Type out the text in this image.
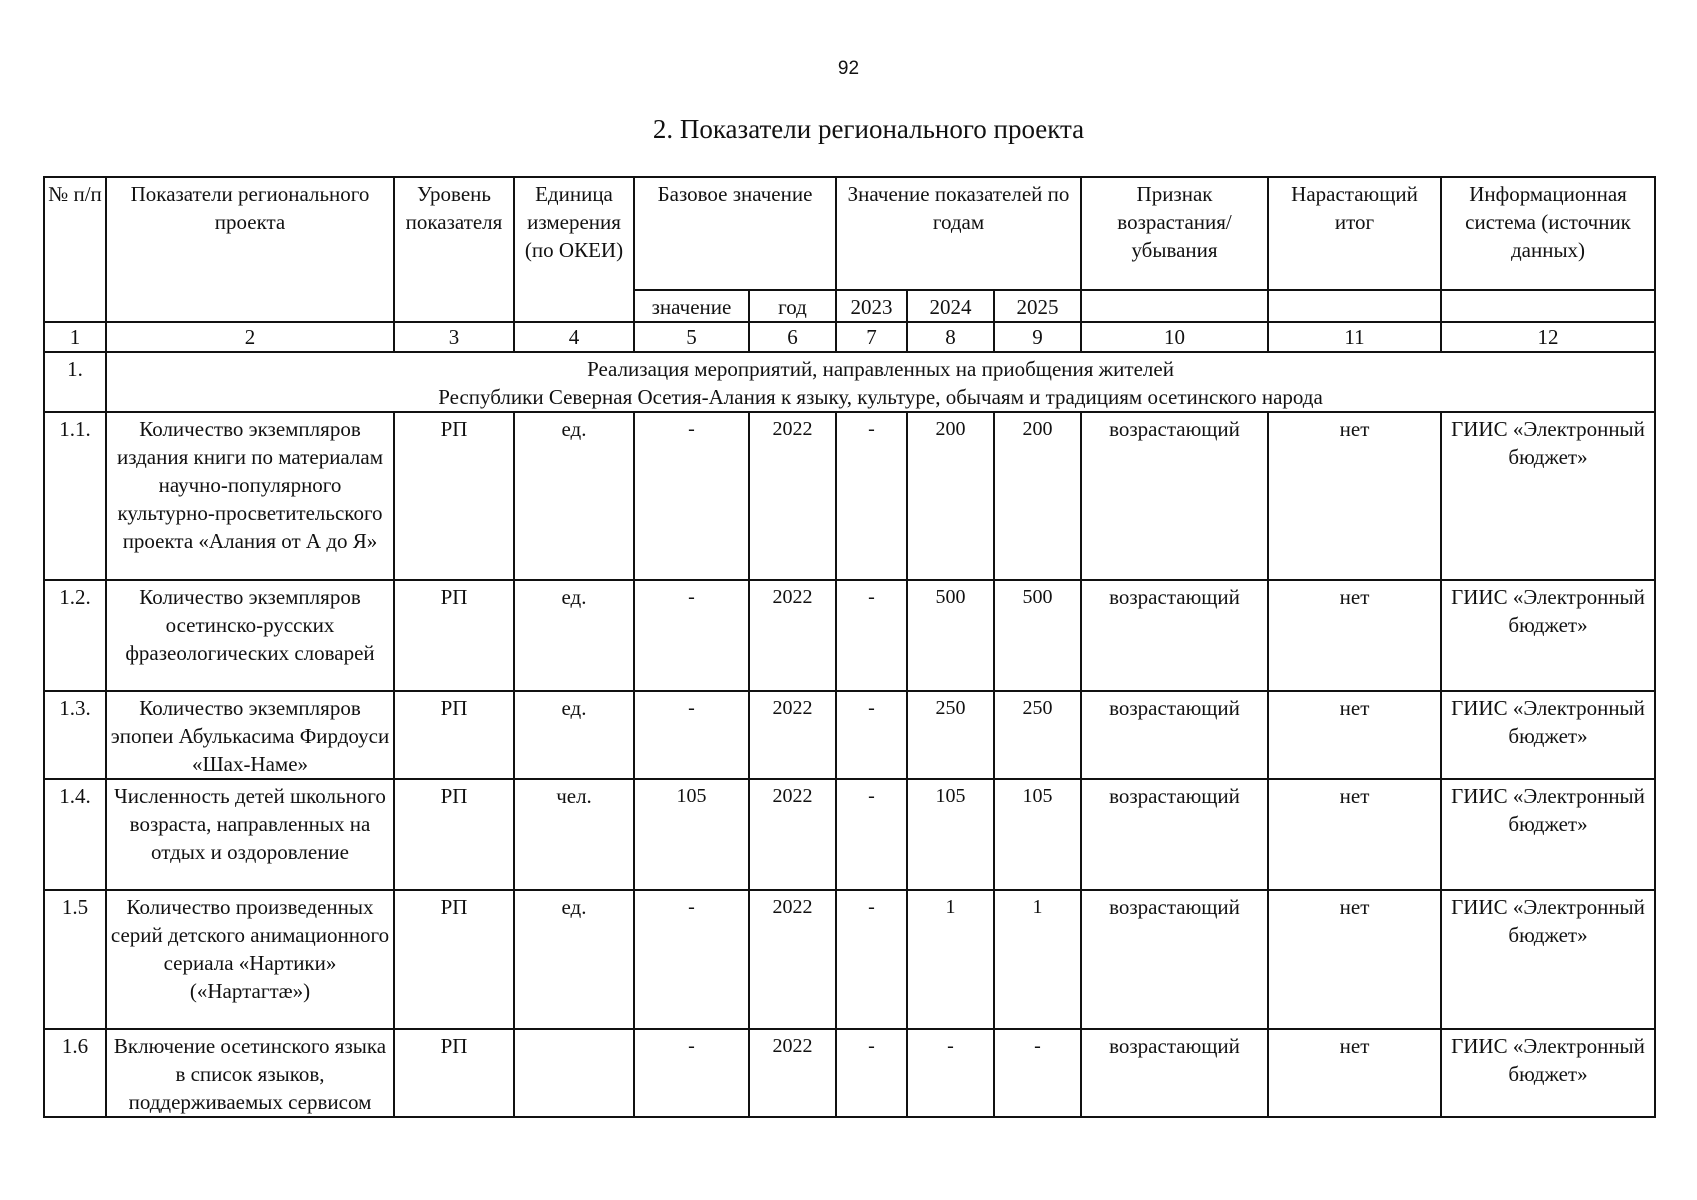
92
2. Показатели регионального проекта
№ п/п	Показатели регионального проекта	Уровень показателя	Единица измерения (по ОКЕИ)	Базовое значение		Значение показателей по годам			Признак возрастания/ убывания	Нарастающий итог	Информационная система (источник данных)
				значение	год	2023	2024	2025			
1	2	3	4	5	6	7	8	9	10	11	12
1.	Реализация мероприятий, направленных на приобщения жителей
Республики Северная Осетия-Алания к языку, культуре, обычаям и традициям осетинского народа										

1.1.	Количество экземпляров издания книги по материалам научно-популярного культурно-просветительского проекта «Алания от А до Я»	РП	ед.	-	2022	-	200	200	возрастающий	нет	ГИИС «Электронный бюджет»
1.2.	Количество экземпляров осетинско-русских фразеологических словарей	РП	ед.	-	2022	-	500	500	возрастающий	нет	ГИИС «Электронный бюджет»
1.3.	Количество экземпляров эпопеи Абулькасима Фирдоуси «Шах-Наме»	РП	ед.	-	2022	-	250	250	возрастающий	нет	ГИИС «Электронный бюджет»
1.4.	Численность детей школьного возраста, направленных на отдых и оздоровление	РП	чел.	105	2022	-	105	105	возрастающий	нет	ГИИС «Электронный бюджет»
1.5	Количество произведенных серий детского анимационного сериала «Нартики» («Нартагтæ»)	РП	ед.	-	2022	-	1	1	возрастающий	нет	ГИИС «Электронный бюджет»
1.6	Включение осетинского языка в список языков, поддерживаемых сервисом	РП		-	2022	-	-	-	возрастающий	нет	ГИИС «Электронный бюджет»
